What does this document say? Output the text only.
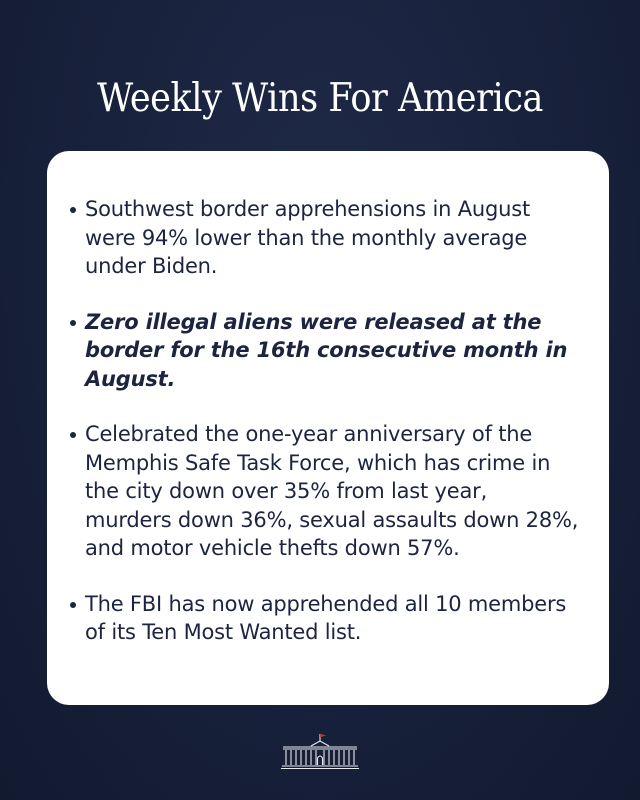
Weekly Wins For America
Southwest border apprehensions in August were 94% lower than the monthly average under Biden.
Zero illegal aliens were released at the border for the 16th consecutive month in August.
Celebrated the one-year anniversary of the Memphis Safe Task Force, which has crime in the city down over 35% from last year, murders down 36%, sexual assaults down 28%, and motor vehicle thefts down 57%.
The FBI has now apprehended all 10 members of its Ten Most Wanted list.
